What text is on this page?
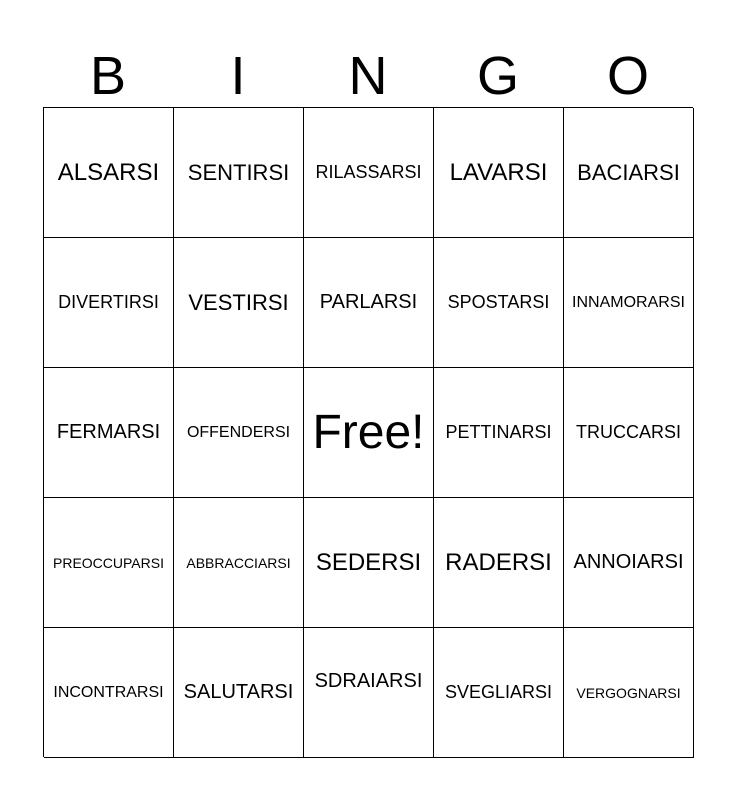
B	I	N	G	O
ALSARSI SENTIRSI RILASSARSI LAVARSI BACIARSI
DIVERTIRSI VESTIRSI PARLARSI SPOSTARSI INNAMORARSI
FERMARSI OFFENDERSI Free! PETTINARSI TRUCCARSI
PREOCCUPARSI ABBRACCIARSI SEDERSI RADERSI ANNOIARSI
INCONTRARSI SALUTARSI SDRAIARSI SVEGLIARSI VERGOGNARSI
